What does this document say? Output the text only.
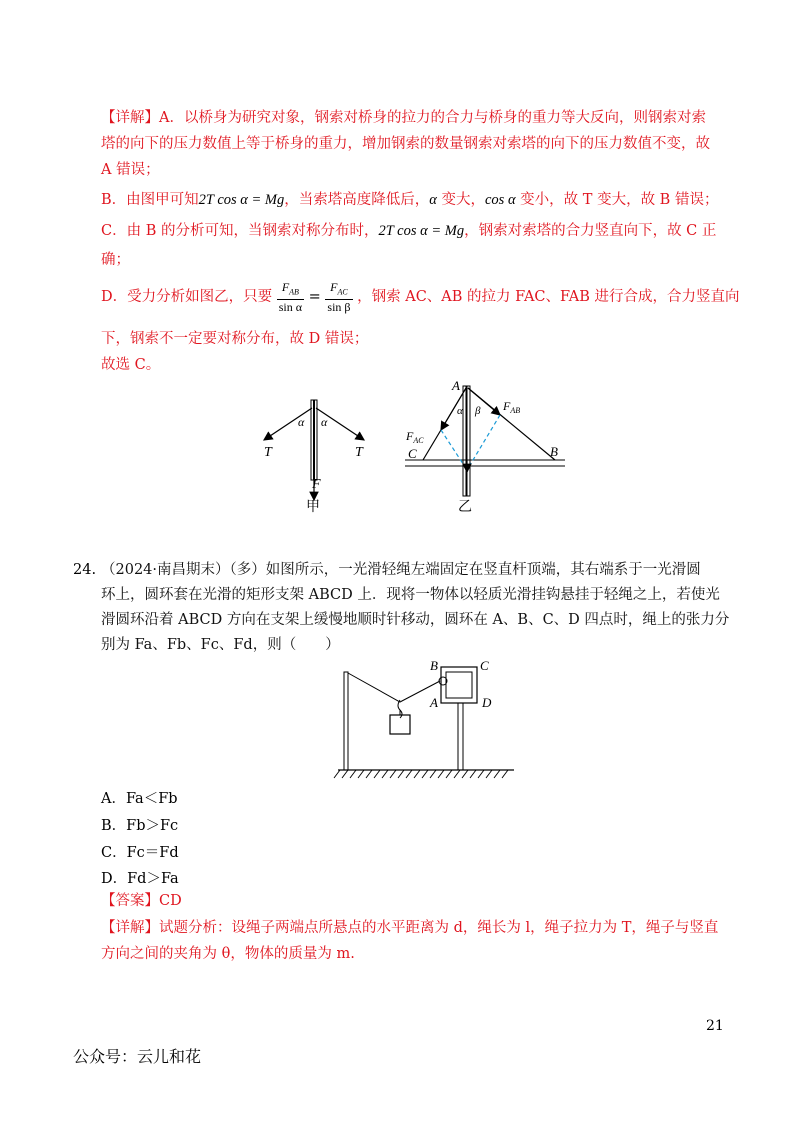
【详解】A．以桥身为研究对象，钢索对桥身的拉力的合力与桥身的重力等大反向，则钢索对索
塔的向下的压力数值上等于桥身的重力，增加钢索的数量钢索对索塔的向下的压力数值不变，故
A 错误；
B．由图甲可知2T cos α = Mg，当索塔高度降低后，α 变大，cos α 变小，故 T 变大，故 B 错误；
C．由 B 的分析可知，当钢索对称分布时，2T cos α = Mg，钢索对索塔的合力竖直向下，故 C 正
确；
D．受力分析如图乙，只要 $\frac{F_{AB}}{\text{sin α}} = \frac{F_{AC}}{\text{sin β}}$ ，钢索 AC、AB 的拉力 FAC、FAB 进行合成，合力竖直向
下，钢索不一定要对称分布，故 D 错误；
故选 C。
T	T
α α
F
甲
A
α β $F_{AB}$
$F_{AC}$
C	B
乙
24. （2024·南昌期末）（多）如图所示，一光滑轻绳左端固定在竖直杆顶端，其右端系于一光滑圆
环上，圆环套在光滑的矩形支架 ABCD 上．现将一物体以轻质光滑挂钩悬挂于轻绳之上，若使光
滑圆环沿着 ABCD 方向在支架上缓慢地顺时针移动，圆环在 A、B、C、D 四点时，绳上的张力分
别为 Fa、Fb、Fc、Fd，则（　　）
B	C
A	D
A．Fa＜Fb
B．Fb＞Fc
C．Fc＝Fd
D．Fd＞Fa
【答案】CD
【详解】试题分析：设绳子两端点所悬点的水平距离为 d，绳长为 l，绳子拉力为 T，绳子与竖直
方向之间的夹角为 θ，物体的质量为 m.
21
公众号：云儿和花
